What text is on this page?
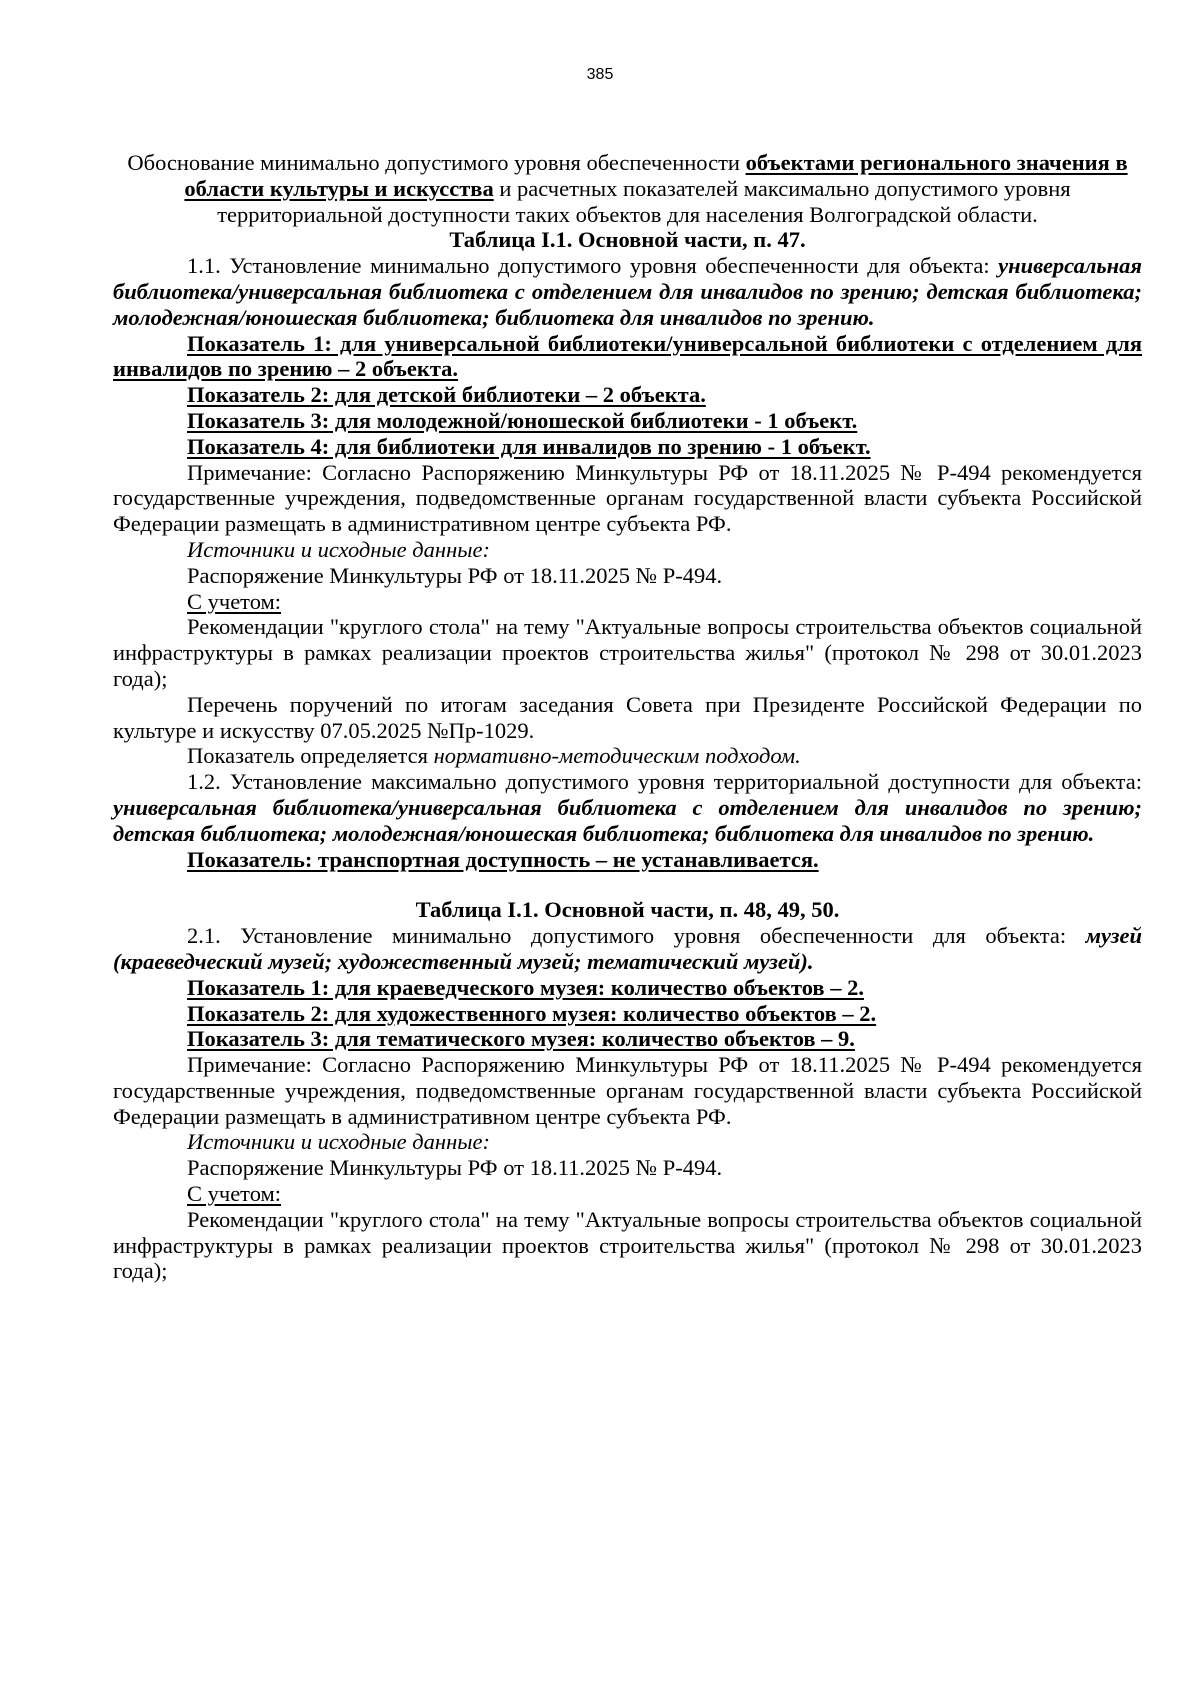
385

Обоснование минимально допустимого уровня обеспеченности объектами регионального значения в области культуры и искусства и расчетных показателей максимально допустимого уровня территориальной доступности таких объектов для населения Волгоградской области.

Таблица I.1. Основной части, п. 47.

1.1. Установление минимально допустимого уровня обеспеченности для объекта: универсальная библиотека/универсальная библиотека с отделением для инвалидов по зрению; детская библиотека; молодежная/юношеская библиотека; библиотека для инвалидов по зрению.

Показатель 1: для универсальной библиотеки/универсальной библиотеки с отделением для инвалидов по зрению – 2 объекта.

Показатель 2: для детской библиотеки – 2 объекта.

Показатель 3: для молодежной/юношеской библиотеки - 1 объект.

Показатель 4: для библиотеки для инвалидов по зрению - 1 объект.

Примечание: Согласно Распоряжению Минкультуры РФ от 18.11.2025 № Р-494 рекомендуется государственные учреждения, подведомственные органам государственной власти субъекта Российской Федерации размещать в административном центре субъекта РФ.

Источники и исходные данные:

Распоряжение Минкультуры РФ от 18.11.2025 № Р-494.

С учетом:

Рекомендации "круглого стола" на тему "Актуальные вопросы строительства объектов социальной инфраструктуры в рамках реализации проектов строительства жилья" (протокол № 298 от 30.01.2023 года);

Перечень поручений по итогам заседания Совета при Президенте Российской Федерации по культуре и искусству 07.05.2025 №Пр-1029.

Показатель определяется нормативно-методическим подходом.

1.2. Установление максимально допустимого уровня территориальной доступности для объекта: универсальная библиотека/универсальная библиотека с отделением для инвалидов по зрению; детская библиотека; молодежная/юношеская библиотека; библиотека для инвалидов по зрению.

Показатель: транспортная доступность – не устанавливается.

Таблица I.1. Основной части, п. 48, 49, 50.

2.1. Установление минимально допустимого уровня обеспеченности для объекта: музей (краеведческий музей; художественный музей; тематический музей).

Показатель 1: для краеведческого музея: количество объектов – 2.

Показатель 2: для художественного музея: количество объектов – 2.

Показатель 3: для тематического музея: количество объектов – 9.

Примечание: Согласно Распоряжению Минкультуры РФ от 18.11.2025 № Р-494 рекомендуется государственные учреждения, подведомственные органам государственной власти субъекта Российской Федерации размещать в административном центре субъекта РФ.

Источники и исходные данные:

Распоряжение Минкультуры РФ от 18.11.2025 № Р-494.

С учетом:

Рекомендации "круглого стола" на тему "Актуальные вопросы строительства объектов социальной инфраструктуры в рамках реализации проектов строительства жилья" (протокол № 298 от 30.01.2023 года);
